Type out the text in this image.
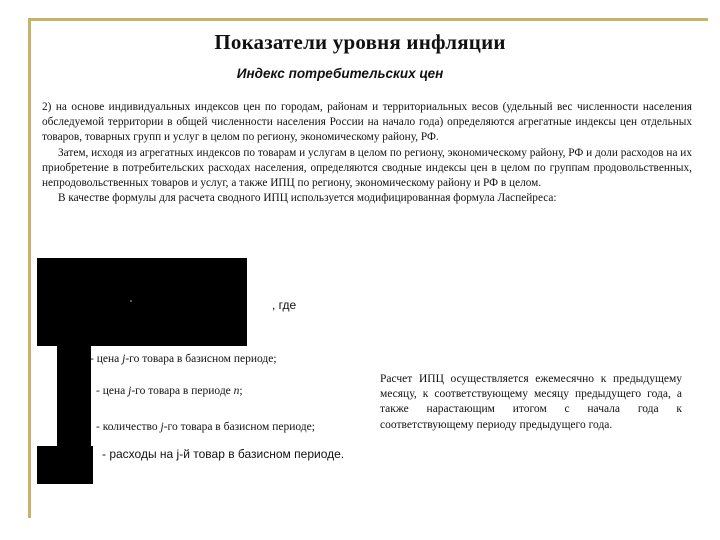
Показатели уровня инфляции
Индекс потребительских цен

2) на основе индивидуальных индексов цен по городам, районам и территориальных весов (удельный вес численности населения обследуемой территории в общей численности населения России на начало года) определяются агрегатные индексы цен отдельных товаров, товарных групп и услуг в целом по региону, экономическому району, РФ.

Затем, исходя из агрегатных индексов по товарам и услугам в целом по региону, экономическому району, РФ и доли расходов на их приобретение в потребительских расходах населения, определяются сводные индексы цен в целом по группам продовольственных, непродовольственных товаров и услуг, а также ИПЦ по региону, экономическому району и РФ в целом.

В качестве формулы для расчета сводного ИПЦ используется модифицированная формула Ласпейреса:

, где
- цена j-го товара в базисном периоде;
- цена j-го товара в периоде n;
- количество j-го товара в базисном периоде;
- расходы на j-й товар в базисном периоде.
Расчет ИПЦ осуществляется ежемесячно к предыдущему месяцу, к соответствующему месяцу предыдущего года, а также нарастающим итогом с начала года к соответствующему периоду предыдущего года.
